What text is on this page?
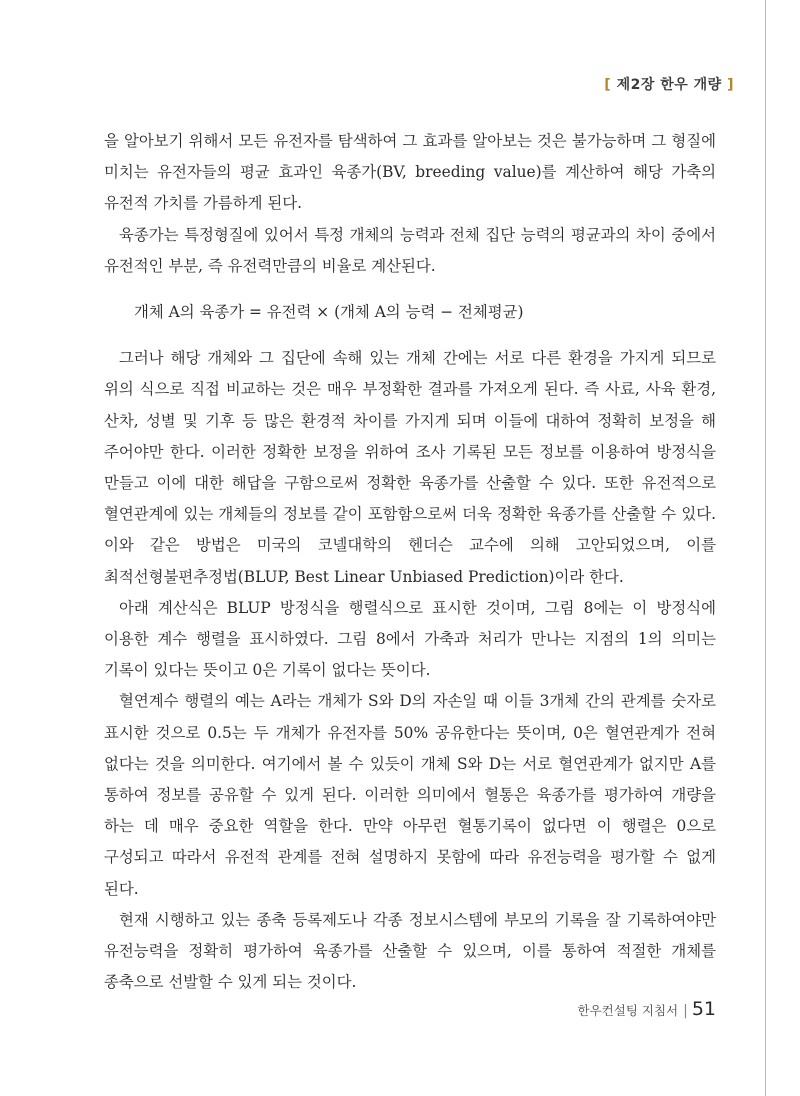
[ 제2장 한우 개량 ]

을 알아보기 위해서 모든 유전자를 탐색하여 그 효과를 알아보는 것은 불가능하며 그 형질에 미치는 유전자들의 평균 효과인 육종가(BV, breeding value)를 계산하여 해당 가축의 유전적 가치를 가름하게 된다.

육종가는 특정형질에 있어서 특정 개체의 능력과 전체 집단 능력의 평균과의 차이 중에서 유전적인 부분, 즉 유전력만큼의 비율로 계산된다.

개체 A의 육종가 = 유전력 × (개체 A의 능력 − 전체평균)

그러나 해당 개체와 그 집단에 속해 있는 개체 간에는 서로 다른 환경을 가지게 되므로 위의 식으로 직접 비교하는 것은 매우 부정확한 결과를 가져오게 된다. 즉 사료, 사육 환경, 산차, 성별 및 기후 등 많은 환경적 차이를 가지게 되며 이들에 대하여 정확히 보정을 해 주어야만 한다. 이러한 정확한 보정을 위하여 조사 기록된 모든 정보를 이용하여 방정식을 만들고 이에 대한 해답을 구함으로써 정확한 육종가를 산출할 수 있다. 또한 유전적으로 혈연관계에 있는 개체들의 정보를 같이 포함함으로써 더욱 정확한 육종가를 산출할 수 있다. 이와 같은 방법은 미국의 코넬대학의 헨더슨 교수에 의해 고안되었으며, 이를 최적선형불편추정법(BLUP, Best Linear Unbiased Prediction)이라 한다.

아래 계산식은 BLUP 방정식을 행렬식으로 표시한 것이며, 그림 8에는 이 방정식에 이용한 계수 행렬을 표시하였다. 그림 8에서 가축과 처리가 만나는 지점의 1의 의미는 기록이 있다는 뜻이고 0은 기록이 없다는 뜻이다.

혈연계수 행렬의 예는 A라는 개체가 S와 D의 자손일 때 이들 3개체 간의 관계를 숫자로 표시한 것으로 0.5는 두 개체가 유전자를 50% 공유한다는 뜻이며, 0은 혈연관계가 전혀 없다는 것을 의미한다. 여기에서 볼 수 있듯이 개체 S와 D는 서로 혈연관계가 없지만 A를 통하여 정보를 공유할 수 있게 된다. 이러한 의미에서 혈통은 육종가를 평가하여 개량을 하는 데 매우 중요한 역할을 한다. 만약 아무런 혈통기록이 없다면 이 행렬은 0으로 구성되고 따라서 유전적 관계를 전혀 설명하지 못함에 따라 유전능력을 평가할 수 없게 된다.

현재 시행하고 있는 종축 등록제도나 각종 정보시스템에 부모의 기록을 잘 기록하여야만 유전능력을 정확히 평가하여 육종가를 산출할 수 있으며, 이를 통하여 적절한 개체를 종축으로 선발할 수 있게 되는 것이다.

한우컨설팅 지침서 | 51
